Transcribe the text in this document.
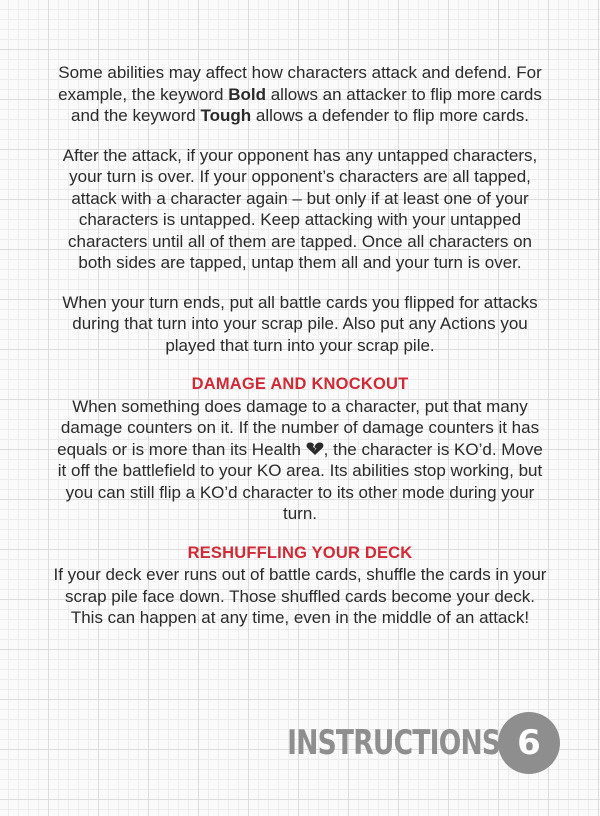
Some abilities may affect how characters attack and defend. For example, the keyword Bold allows an attacker to flip more cards and the keyword Tough allows a defender to flip more cards.

After the attack, if your opponent has any untapped characters, your turn is over. If your opponent’s characters are all tapped, attack with a character again – but only if at least one of your characters is untapped. Keep attacking with your untapped characters until all of them are tapped. Once all characters on both sides are tapped, untap them all and your turn is over.

When your turn ends, put all battle cards you flipped for attacks during that turn into your scrap pile. Also put any Actions you played that turn into your scrap pile.

DAMAGE AND KNOCKOUT
When something does damage to a character, put that many damage counters on it. If the number of damage counters it has equals or is more than its Health , the character is KO’d. Move it off the battlefield to your KO area. Its abilities stop working, but you can still flip a KO’d character to its other mode during your turn.
RESHUFFLING YOUR DECK
If your deck ever runs out of battle cards, shuffle the cards in your scrap pile face down. Those shuffled cards become your deck. This can happen at any time, even in the middle of an attack!
INSTRUCTIONS 6
